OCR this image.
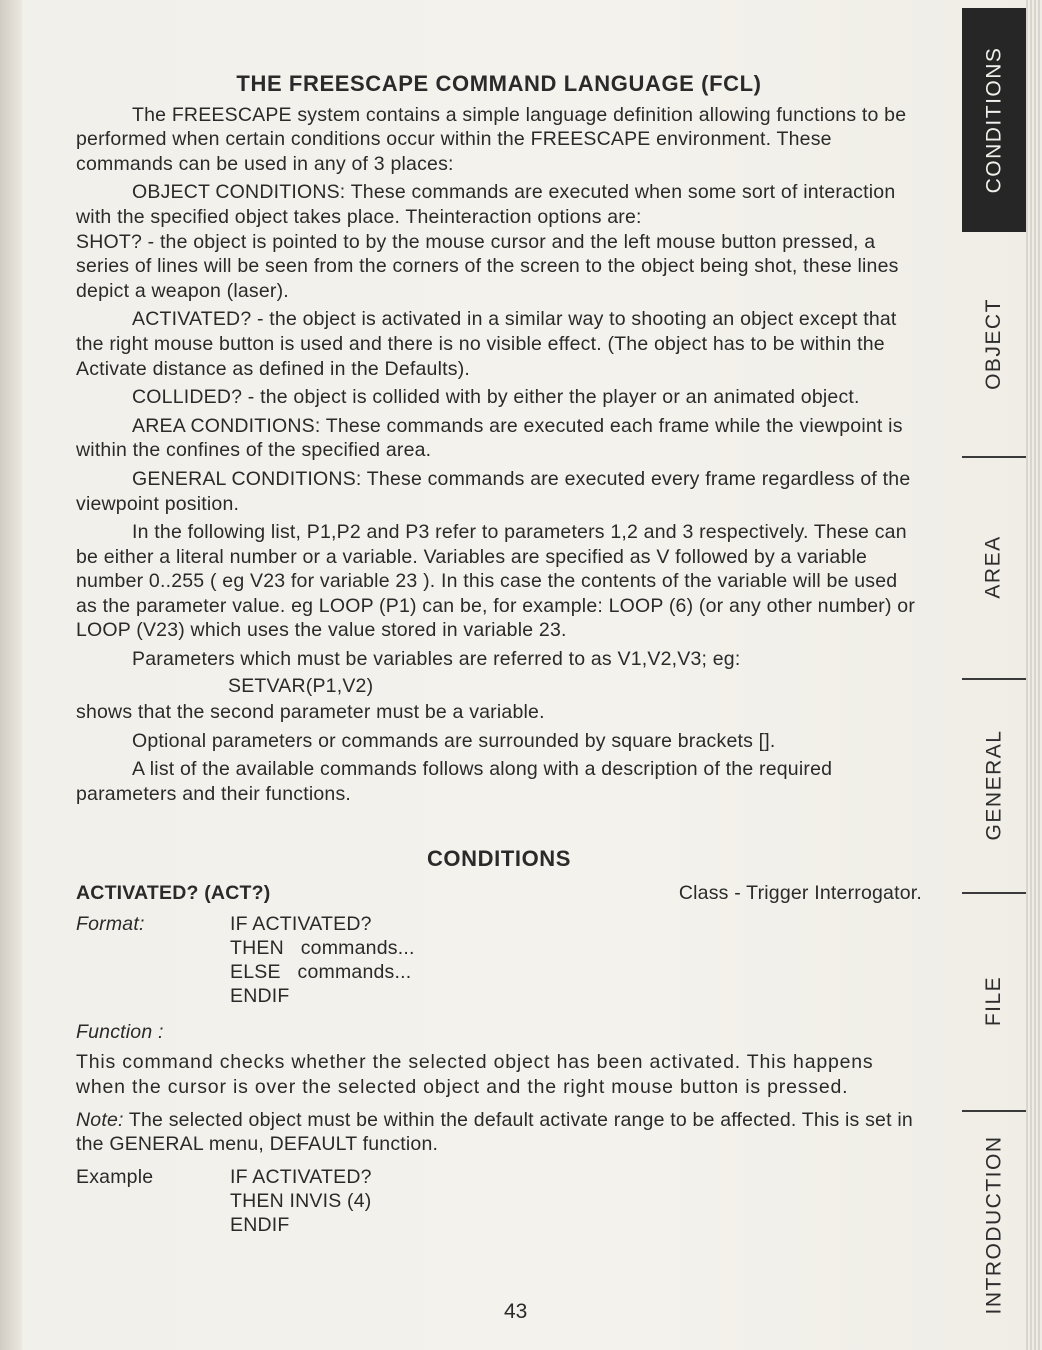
THE FREESCAPE COMMAND LANGUAGE (FCL)

The FREESCAPE system contains a simple language definition allowing functions to be performed when certain conditions occur within the FREESCAPE environment. These commands can be used in any of 3 places:

OBJECT CONDITIONS: These commands are executed when some sort of interaction with the specified object takes place. Theinteraction options are:

SHOT? - the object is pointed to by the mouse cursor and the left mouse button pressed, a series of lines will be seen from the corners of the screen to the object being shot, these lines depict a weapon (laser).

ACTIVATED? - the object is activated in a similar way to shooting an object except that the right mouse button is used and there is no visible effect. (The object has to be within the Activate distance as defined in the Defaults).

COLLIDED? - the object is collided with by either the player or an animated object.

AREA CONDITIONS: These commands are executed each frame while the viewpoint is within the confines of the specified area.

GENERAL CONDITIONS: These commands are executed every frame regardless of the viewpoint position.

In the following list, P1,P2 and P3 refer to parameters 1,2 and 3 respectively. These can be either a literal number or a variable. Variables are specified as V followed by a variable number 0..255 ( eg V23 for variable 23 ). In this case the contents of the variable will be used as the parameter value. eg LOOP (P1) can be, for example: LOOP (6) (or any other number) or LOOP (V23) which uses the value stored in variable 23.

Parameters which must be variables are referred to as V1,V2,V3; eg:

SETVAR(P1,V2)

shows that the second parameter must be a variable.

Optional parameters or commands are surrounded by square brackets [].

A list of the available commands follows along with a description of the required parameters and their functions.

CONDITIONS
ACTIVATED? (ACT?)	Class - Trigger Interrogator.
Format:	IF ACTIVATED?
THEN   commands...
ELSE   commands...
ENDIF
Function :

This command checks whether the selected object has been activated. This happens when the cursor is over the selected object and the right mouse button is pressed.

Note: The selected object must be within the default activate range to be affected. This is set in the GENERAL menu, DEFAULT function.

Example	IF ACTIVATED?
THEN INVIS (4)
ENDIF
43
CONDITIONS
OBJECT
AREA
GENERAL
FILE
INTRODUCTION
